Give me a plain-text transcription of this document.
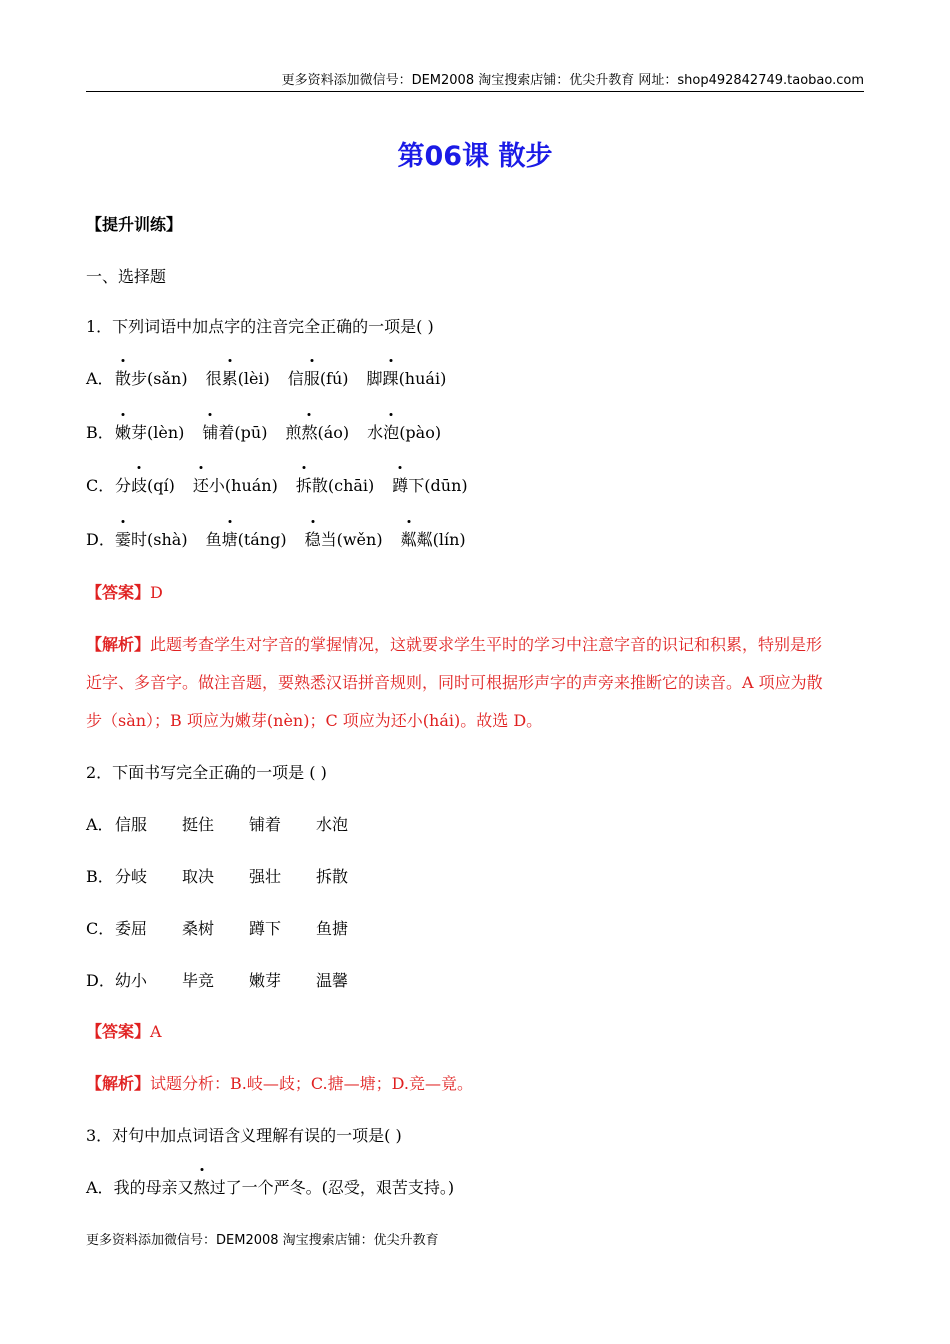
更多资料添加微信号：DEM2008 淘宝搜索店铺：优尖升教育 网址：shop492842749.taobao.com
第06课 散步
【提升训练】
一、选择题
1．下列词语中加点字的注音完全正确的一项是( )
A．散步(sǎn) 很累(lèi) 信服(fú) 脚踝(huái)
B．嫩芽(lèn) 铺着(pū) 煎熬(áo) 水泡(pào)
C．分歧(qí) 还小(huán) 拆散(chāi) 蹲下(dūn)
D．霎时(shà) 鱼塘(táng) 稳当(wěn) 粼粼(lín)
【答案】D
【解析】此题考查学生对字音的掌握情况，这就要求学生平时的学习中注意字音的识记和积累，特别是形
近字、多音字。做注音题，要熟悉汉语拼音规则，同时可根据形声字的声旁来推断它的读音。A 项应为散
步（sàn）；B 项应为嫩芽(nèn)；C 项应为还小(hái)。故选 D。
2．下面书写完全正确的一项是 ( )
A．信服 挺住 铺着 水泡
B．分岐 取决 强壮 拆散
C．委屈 桑树 蹲下 鱼搪
D．幼小 毕竞 嫩芽 温馨
【答案】A
【解析】试题分析：B.岐—歧；C.搪—塘；D.竞—竟。
3．对句中加点词语含义理解有误的一项是( )
A．我的母亲又熬过了一个严冬。(忍受，艰苦支持。)
更多资料添加微信号：DEM2008 淘宝搜索店铺：优尖升教育
